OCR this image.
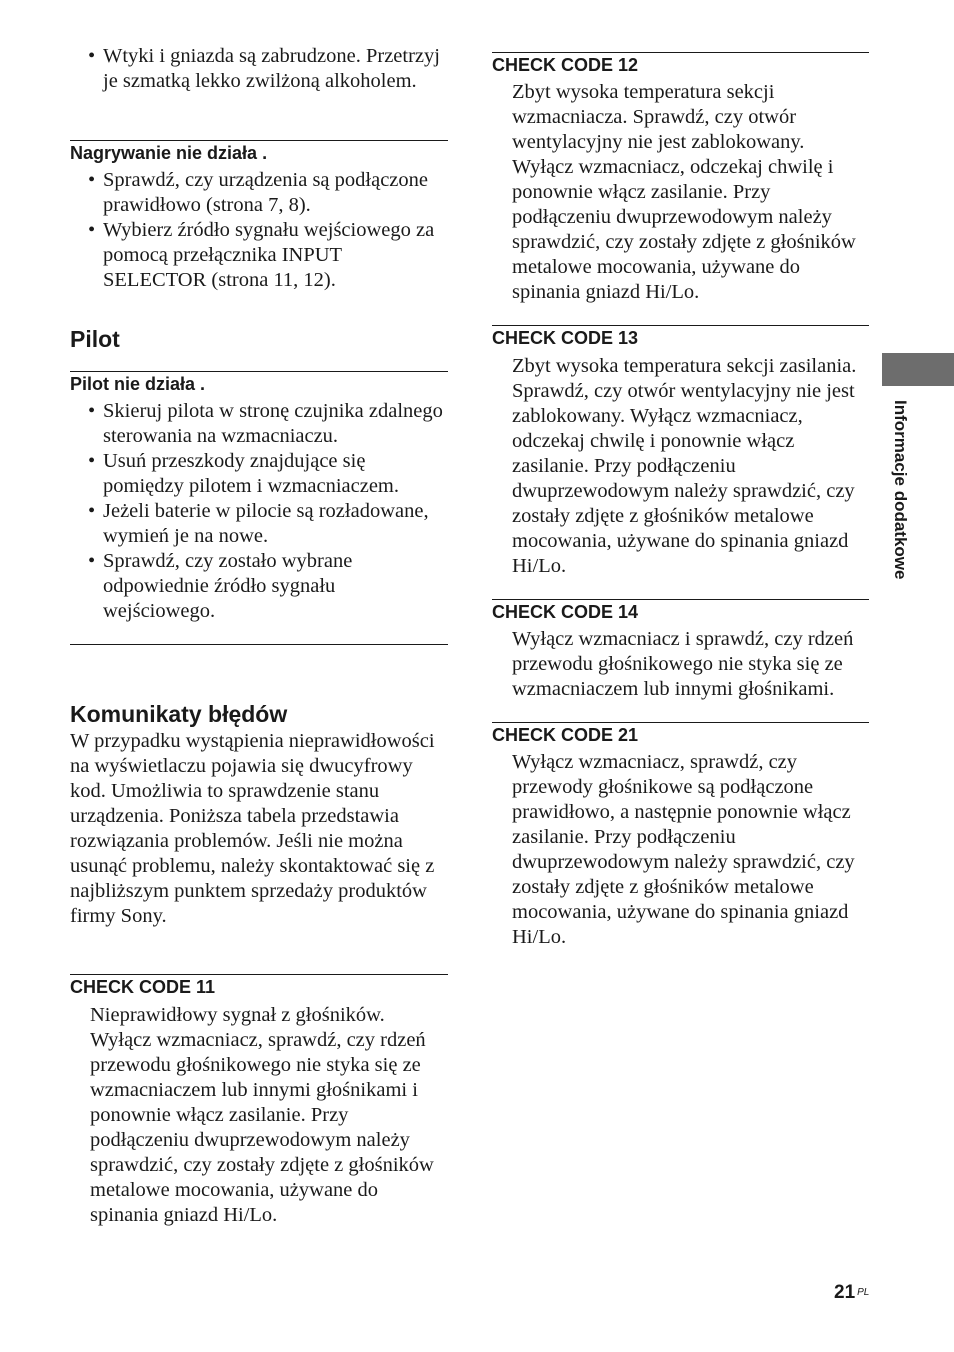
• Wtyki i gniazda są zabrudzone. Przetrzyj je szmatką lekko zwilżoną alkoholem.
Nagrywanie nie działa .
• Sprawdź, czy urządzenia są podłączone prawidłowo (strona 7, 8).
• Wybierz źródło sygnału wejściowego za pomocą przełącznika INPUT SELECTOR (strona 11, 12).
Pilot
Pilot nie działa .
• Skieruj pilota w stronę czujnika zdalnego sterowania na wzmacniaczu.
• Usuń przeszkody znajdujące się pomiędzy pilotem i wzmacniaczem.
• Jeżeli baterie w pilocie są rozładowane, wymień je na nowe.
• Sprawdź, czy zostało wybrane odpowiednie źródło sygnału wejściowego.
Komunikaty błędów
W przypadku wystąpienia nieprawidłowości na wyświetlaczu pojawia się dwucyfrowy kod. Umożliwia to sprawdzenie stanu urządzenia. Poniższa tabela przedstawia rozwiązania problemów. Jeśli nie można usunąć problemu, należy skontaktować się z najbliższym punktem sprzedaży produktów firmy Sony.
CHECK CODE 11
Nieprawidłowy sygnał z głośników. Wyłącz wzmacniacz, sprawdź, czy rdzeń przewodu głośnikowego nie styka się ze wzmacniaczem lub innymi głośnikami i ponownie włącz zasilanie. Przy podłączeniu dwuprzewodowym należy sprawdzić, czy zostały zdjęte z głośników metalowe mocowania, używane do spinania gniazd Hi/Lo.
CHECK CODE 12
Zbyt wysoka temperatura sekcji wzmacniacza. Sprawdź, czy otwór wentylacyjny nie jest zablokowany. Wyłącz wzmacniacz, odczekaj chwilę i ponownie włącz zasilanie. Przy podłączeniu dwuprzewodowym należy sprawdzić, czy zostały zdjęte z głośników metalowe mocowania, używane do spinania gniazd Hi/Lo.
CHECK CODE 13
Zbyt wysoka temperatura sekcji zasilania. Sprawdź, czy otwór wentylacyjny nie jest zablokowany. Wyłącz wzmacniacz, odczekaj chwilę i ponownie włącz zasilanie. Przy podłączeniu dwuprzewodowym należy sprawdzić, czy zostały zdjęte z głośników metalowe mocowania, używane do spinania gniazd Hi/Lo.
CHECK CODE 14
Wyłącz wzmacniacz i sprawdź, czy rdzeń przewodu głośnikowego nie styka się ze wzmacniaczem lub innymi głośnikami.
CHECK CODE 21
Wyłącz wzmacniacz, sprawdź, czy przewody głośnikowe są podłączone prawidłowo, a następnie ponownie włącz zasilanie. Przy podłączeniu dwuprzewodowym należy sprawdzić, czy zostały zdjęte z głośników metalowe mocowania, używane do spinania gniazd Hi/Lo.
Informacje dodatkowe
21 $^{PL}$
